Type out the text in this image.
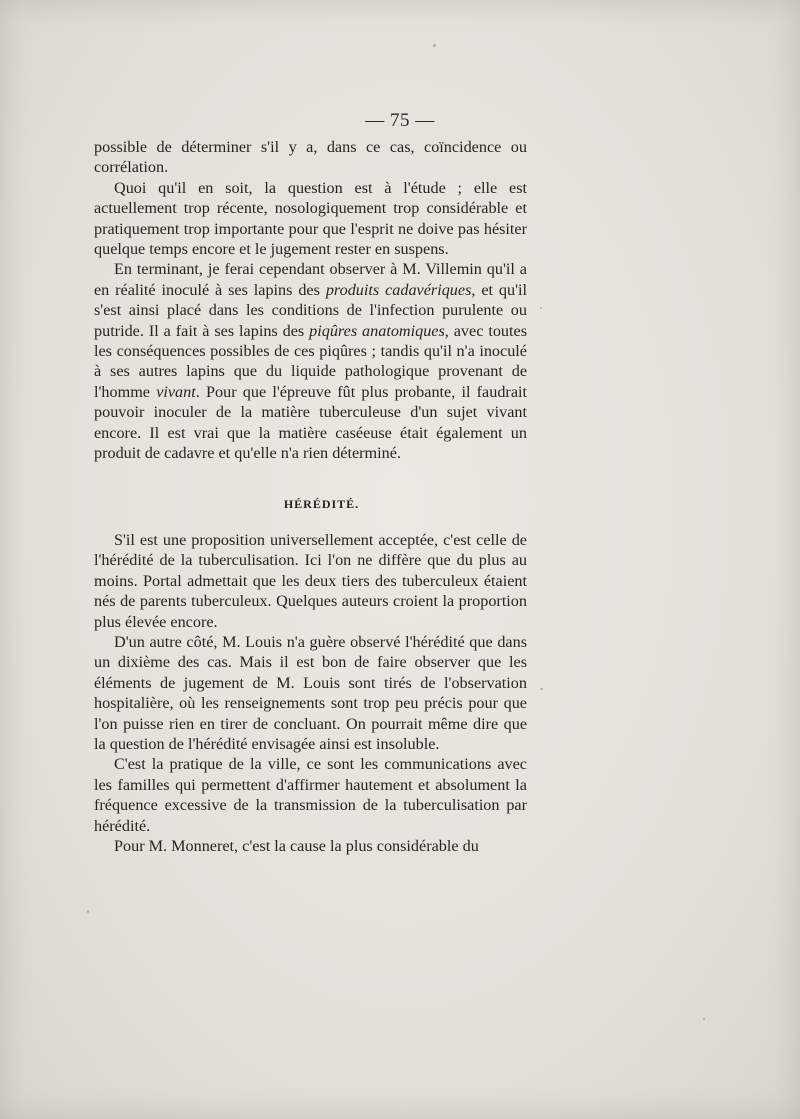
— 75 —

possible de déterminer s'il y a, dans ce cas, coïncidence ou corrélation.

Quoi qu'il en soit, la question est à l'étude ; elle est actuellement trop récente, nosologiquement trop considérable et pratiquement trop importante pour que l'esprit ne doive pas hésiter quelque temps encore et le jugement rester en suspens.

En terminant, je ferai cependant observer à M. Villemin qu'il a en réalité inoculé à ses lapins des produits cadavériques, et qu'il s'est ainsi placé dans les conditions de l'infection purulente ou putride. Il a fait à ses lapins des piqûres anatomiques, avec toutes les conséquences possibles de ces piqûres ; tandis qu'il n'a inoculé à ses autres lapins que du liquide pathologique provenant de l'homme vivant. Pour que l'épreuve fût plus probante, il faudrait pouvoir inoculer de la matière tuberculeuse d'un sujet vivant encore. Il est vrai que la matière caséeuse était également un produit de cadavre et qu'elle n'a rien déterminé.

HÉRÉDITÉ.

S'il est une proposition universellement acceptée, c'est celle de l'hérédité de la tuberculisation. Ici l'on ne diffère que du plus au moins. Portal admettait que les deux tiers des tuberculeux étaient nés de parents tuberculeux. Quelques auteurs croient la proportion plus élevée encore.

D'un autre côté, M. Louis n'a guère observé l'hérédité que dans un dixième des cas. Mais il est bon de faire observer que les éléments de jugement de M. Louis sont tirés de l'observation hospitalière, où les renseignements sont trop peu précis pour que l'on puisse rien en tirer de concluant. On pourrait même dire que la question de l'hérédité envisagée ainsi est insoluble.

C'est la pratique de la ville, ce sont les communications avec les familles qui permettent d'affirmer hautement et absolument la fréquence excessive de la transmission de la tuberculisation par hérédité.

Pour M. Monneret, c'est la cause la plus considérable du
